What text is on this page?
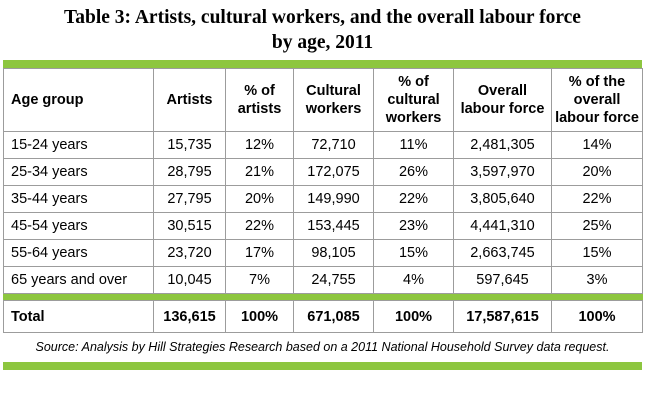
Table 3: Artists, cultural workers, and the overall labour force
by age, 2011
Age group	Artists	% of artists	Cultural workers	% of cultural workers	Overall labour force	% of the overall labour force
15-24 years	15,735	12%	72,710	11%	2,481,305	14%
25-34 years	28,795	21%	172,075	26%	3,597,970	20%
35-44 years	27,795	20%	149,990	22%	3,805,640	22%
45-54 years	30,515	22%	153,445	23%	4,441,310	25%
55-64 years	23,720	17%	98,105	15%	2,663,745	15%
65 years and over	10,045	7%	24,755	4%	597,645	3%

Total	136,615	100%	671,085	100%	17,587,615	100%
Source: Analysis by Hill Strategies Research based on a 2011 National Household Survey data request.
